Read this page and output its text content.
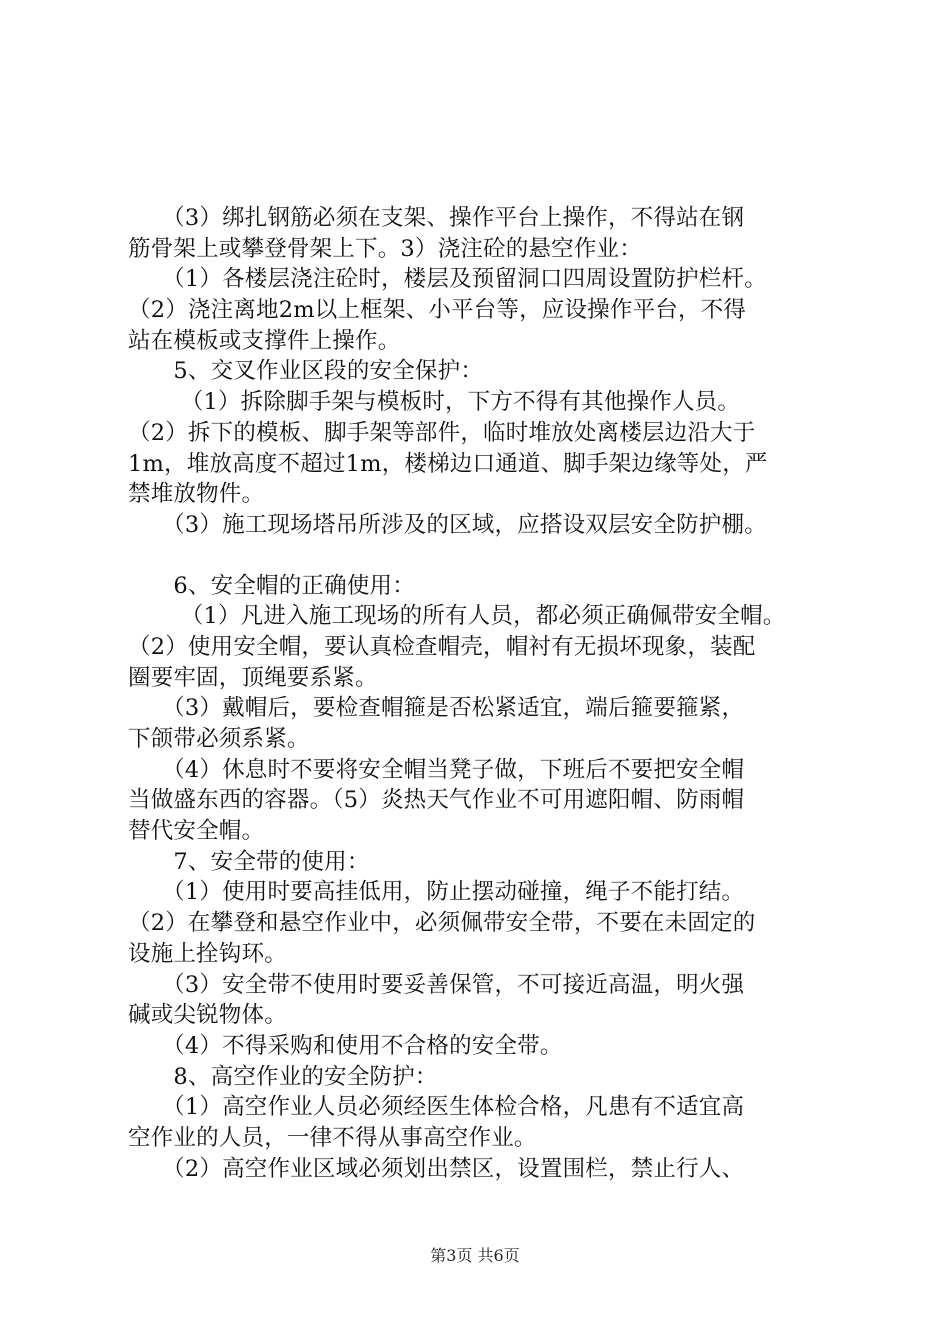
　　（3）绑扎钢筋必须在支架、操作平台上操作，不得站在钢
筋骨架上或攀登骨架上下。3）浇注砼的悬空作业：
　　（1）各楼层浇注砼时，楼层及预留洞口四周设置防护栏杆。
（2）浇注离地2m以上框架、小平台等，应设操作平台，不得
站在模板或支撑件上操作。
　　5、交叉作业区段的安全保护：
　　 （1）拆除脚手架与模板时，下方不得有其他操作人员。
（2）拆下的模板、脚手架等部件，临时堆放处离楼层边沿大于
1m，堆放高度不超过1m，楼梯边口通道、脚手架边缘等处，严
禁堆放物件。
　　（3）施工现场塔吊所涉及的区域，应搭设双层安全防护棚。
　　6、安全帽的正确使用：
　　 （1）凡进入施工现场的所有人员，都必须正确佩带安全帽。
（2）使用安全帽，要认真检查帽壳，帽衬有无损坏现象，装配
圈要牢固，顶绳要系紧。
　　（3）戴帽后，要检查帽箍是否松紧适宜，端后箍要箍紧，
下颌带必须系紧。
　　（4）休息时不要将安全帽当凳子做，下班后不要把安全帽
当做盛东西的容器。（5）炎热天气作业不可用遮阳帽、防雨帽
替代安全帽。
　　7、安全带的使用：
　　（1）使用时要高挂低用，防止摆动碰撞，绳子不能打结。
（2）在攀登和悬空作业中，必须佩带安全带，不要在未固定的
设施上拴钩环。
　　（3）安全带不使用时要妥善保管，不可接近高温，明火强
碱或尖锐物体。
　　（4）不得采购和使用不合格的安全带。
　　8、高空作业的安全防护：
　　（1）高空作业人员必须经医生体检合格，凡患有不适宜高
空作业的人员，一律不得从事高空作业。
　　（2）高空作业区域必须划出禁区，设置围栏，禁止行人、
第3页 共6页
